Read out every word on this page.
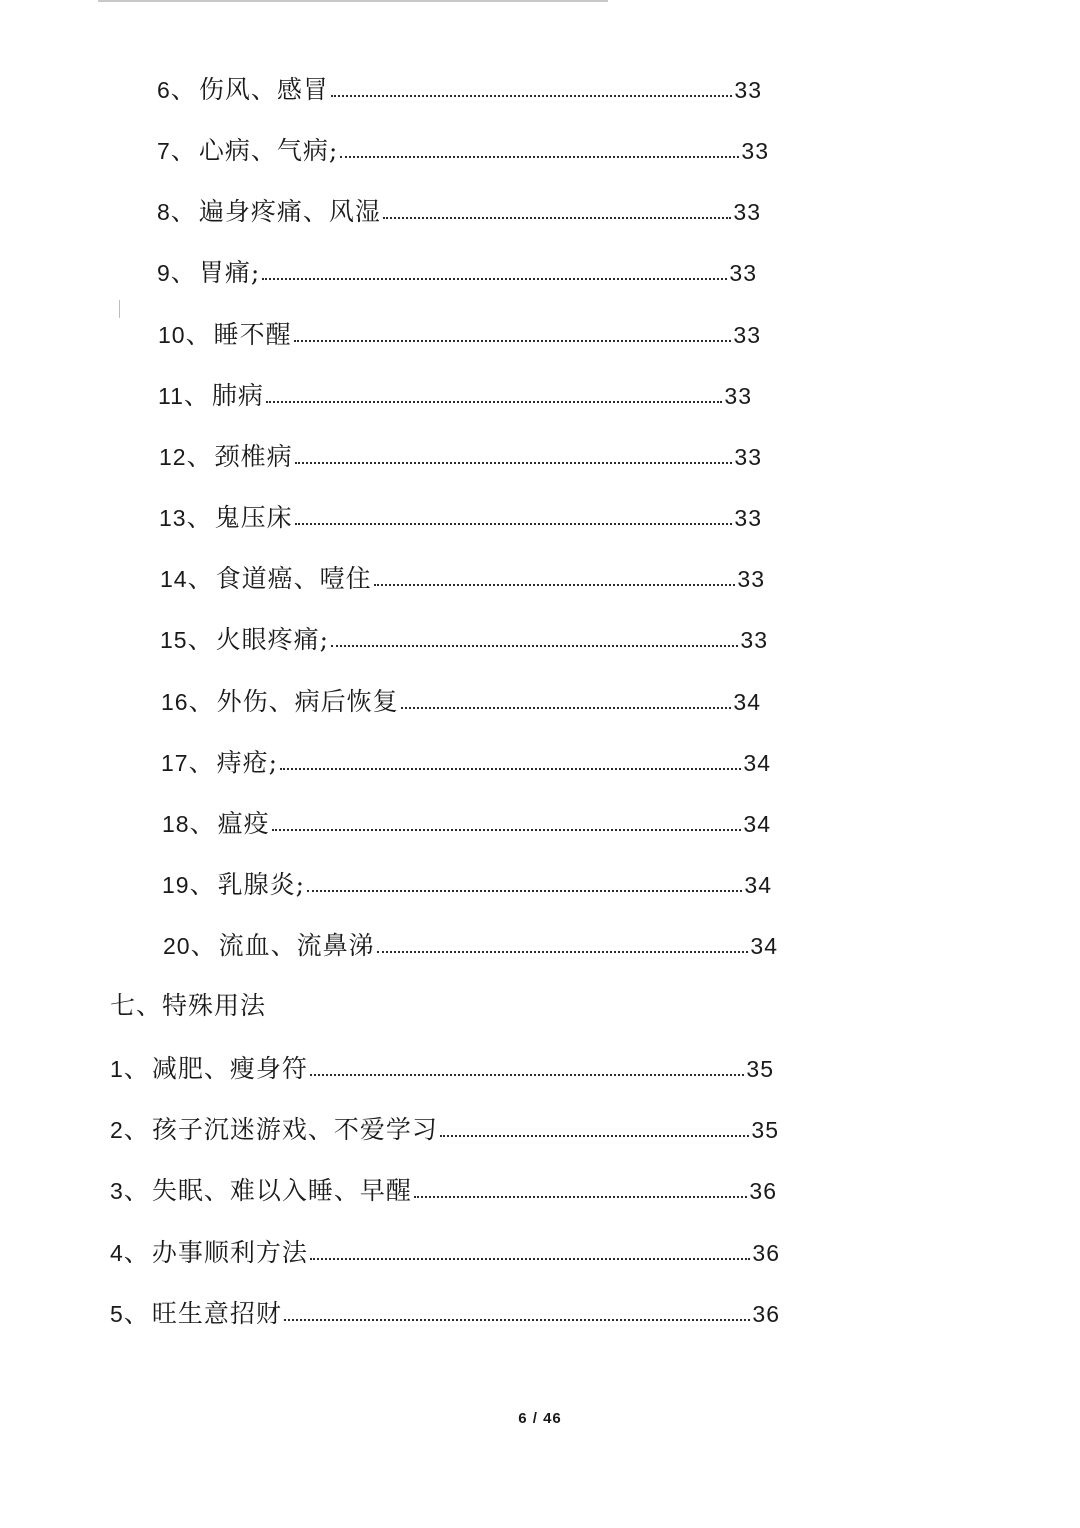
6 、 伤风、感冒	33
7 、 心病、气病;	33
8 、 遍身疼痛、风湿	33
9 、 胃痛;	33
10 、 睡不醒	33
11 、 肺病	33
12 、 颈椎病	33
13 、 鬼压床	33
14 、 食道癌、噎住	33
15 、 火眼疼痛;	33
16 、 外伤、病后恢复	34
17 、 痔疮;	34
18 、 瘟疫	34
19 、 乳腺炎;	34
20 、 流血、流鼻涕	34
七、特殊用法
1 、 减肥、瘦身符	35
2 、 孩子沉迷游戏、不爱学习	35
3 、 失眠、难以入睡、早醒	36
4 、 办事顺利方法	36
5 、 旺生意招财	36
6 / 46
